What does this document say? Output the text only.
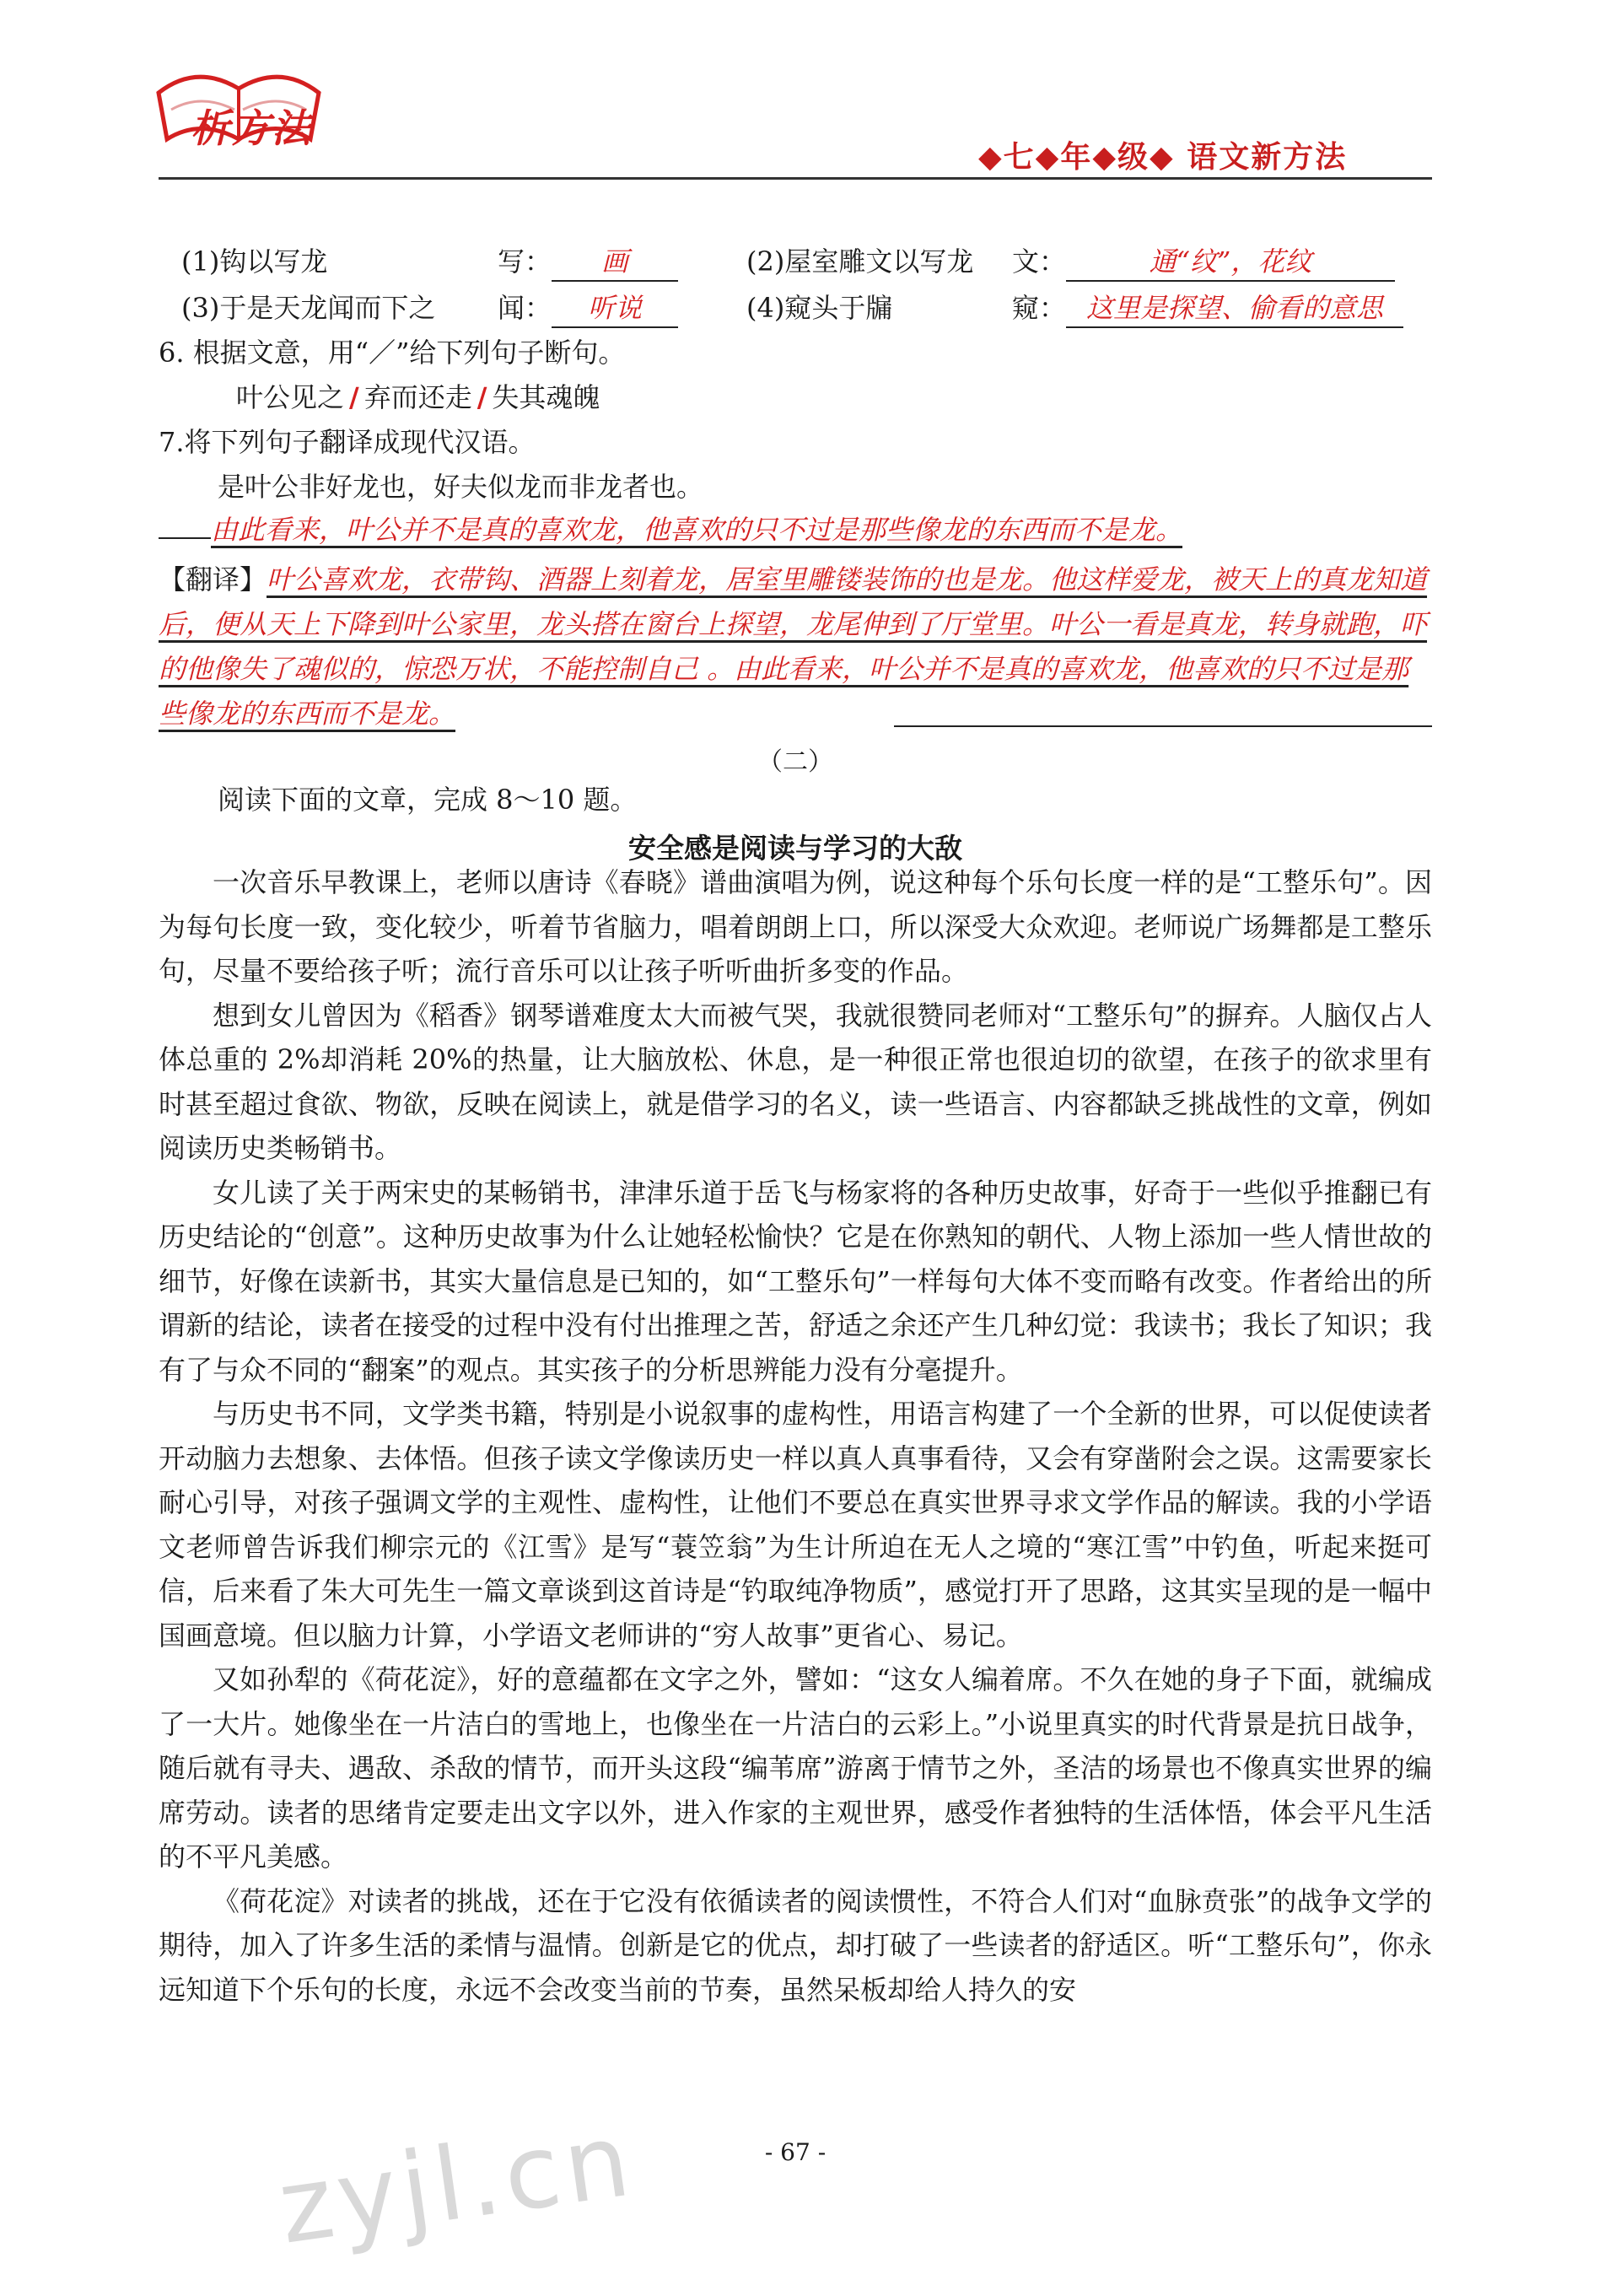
析方法
◆七◆年◆级◆ 语文新方法
(1)钩以写龙	写： 画	(2)屋室雕文以写龙 文：	通“纹”，花纹
(3)于是天龙闻而下之 闻： 听说	(4)窥头于牖	窥： 这里是探望、偷看的意思
6. 根据文意，用“／”给下列句子断句。
叶公见之 / 弃而还走 / 失其魂魄
7.将下列句子翻译成现代汉语。
是叶公非好龙也，好夫似龙而非龙者也。
由此看来，叶公并不是真的喜欢龙，他喜欢的只不过是那些像龙的东西而不是龙。
【翻译】叶公喜欢龙，衣带钩、酒器上刻着龙，居室里雕镂装饰的也是龙。他这样爱龙，被天上的真龙知道后，便从天上下降到叶公家里，龙头搭在窗台上探望，龙尾伸到了厅堂里。叶公一看是真龙，转身就跑，吓的他像失了魂似的，惊恐万状，不能控制自己 。由此看来，叶公并不是真的喜欢龙，他喜欢的只不过是那些像龙的东西而不是龙。
（二）
阅读下面的文章，完成 8～10 题。
安全感是阅读与学习的大敌

一次音乐早教课上，老师以唐诗《春晓》谱曲演唱为例，说这种每个乐句长度一样的是“工整乐句”。因为每句长度一致，变化较少，听着节省脑力，唱着朗朗上口，所以深受大众欢迎。老师说广场舞都是工整乐句，尽量不要给孩子听；流行音乐可以让孩子听听曲折多变的作品。

想到女儿曾因为《稻香》钢琴谱难度太大而被气哭，我就很赞同老师对“工整乐句”的摒弃。人脑仅占人体总重的 2%却消耗 20%的热量，让大脑放松、休息，是一种很正常也很迫切的欲望，在孩子的欲求里有时甚至超过食欲、物欲，反映在阅读上，就是借学习的名义，读一些语言、内容都缺乏挑战性的文章，例如阅读历史类畅销书。

女儿读了关于两宋史的某畅销书，津津乐道于岳飞与杨家将的各种历史故事，好奇于一些似乎推翻已有历史结论的“创意”。这种历史故事为什么让她轻松愉快？它是在你熟知的朝代、人物上添加一些人情世故的细节，好像在读新书，其实大量信息是已知的，如“工整乐句”一样每句大体不变而略有改变。作者给出的所谓新的结论，读者在接受的过程中没有付出推理之苦，舒适之余还产生几种幻觉：我读书；我长了知识；我有了与众不同的“翻案”的观点。其实孩子的分析思辨能力没有分毫提升。

与历史书不同，文学类书籍，特别是小说叙事的虚构性，用语言构建了一个全新的世界，可以促使读者开动脑力去想象、去体悟。但孩子读文学像读历史一样以真人真事看待，又会有穿凿附会之误。这需要家长耐心引导，对孩子强调文学的主观性、虚构性，让他们不要总在真实世界寻求文学作品的解读。我的小学语文老师曾告诉我们柳宗元的《江雪》是写“蓑笠翁”为生计所迫在无人之境的“寒江雪”中钓鱼，听起来挺可信，后来看了朱大可先生一篇文章谈到这首诗是“钓取纯净物质”，感觉打开了思路，这其实呈现的是一幅中国画意境。但以脑力计算，小学语文老师讲的“穷人故事”更省心、易记。

又如孙犁的《荷花淀》，好的意蕴都在文字之外，譬如：“这女人编着席。不久在她的身子下面，就编成了一大片。她像坐在一片洁白的雪地上，也像坐在一片洁白的云彩上。”小说里真实的时代背景是抗日战争，随后就有寻夫、遇敌、杀敌的情节，而开头这段“编苇席”游离于情节之外，圣洁的场景也不像真实世界的编席劳动。读者的思绪肯定要走出文字以外，进入作家的主观世界，感受作者独特的生活体悟，体会平凡生活的不平凡美感。

《荷花淀》对读者的挑战，还在于它没有依循读者的阅读惯性，不符合人们对“血脉贲张”的战争文学的期待，加入了许多生活的柔情与温情。创新是它的优点，却打破了一些读者的舒适区。听“工整乐句”，你永远知道下个乐句的长度，永远不会改变当前的节奏，虽然呆板却给人持久的安

zyjl.cn	- 67 -
